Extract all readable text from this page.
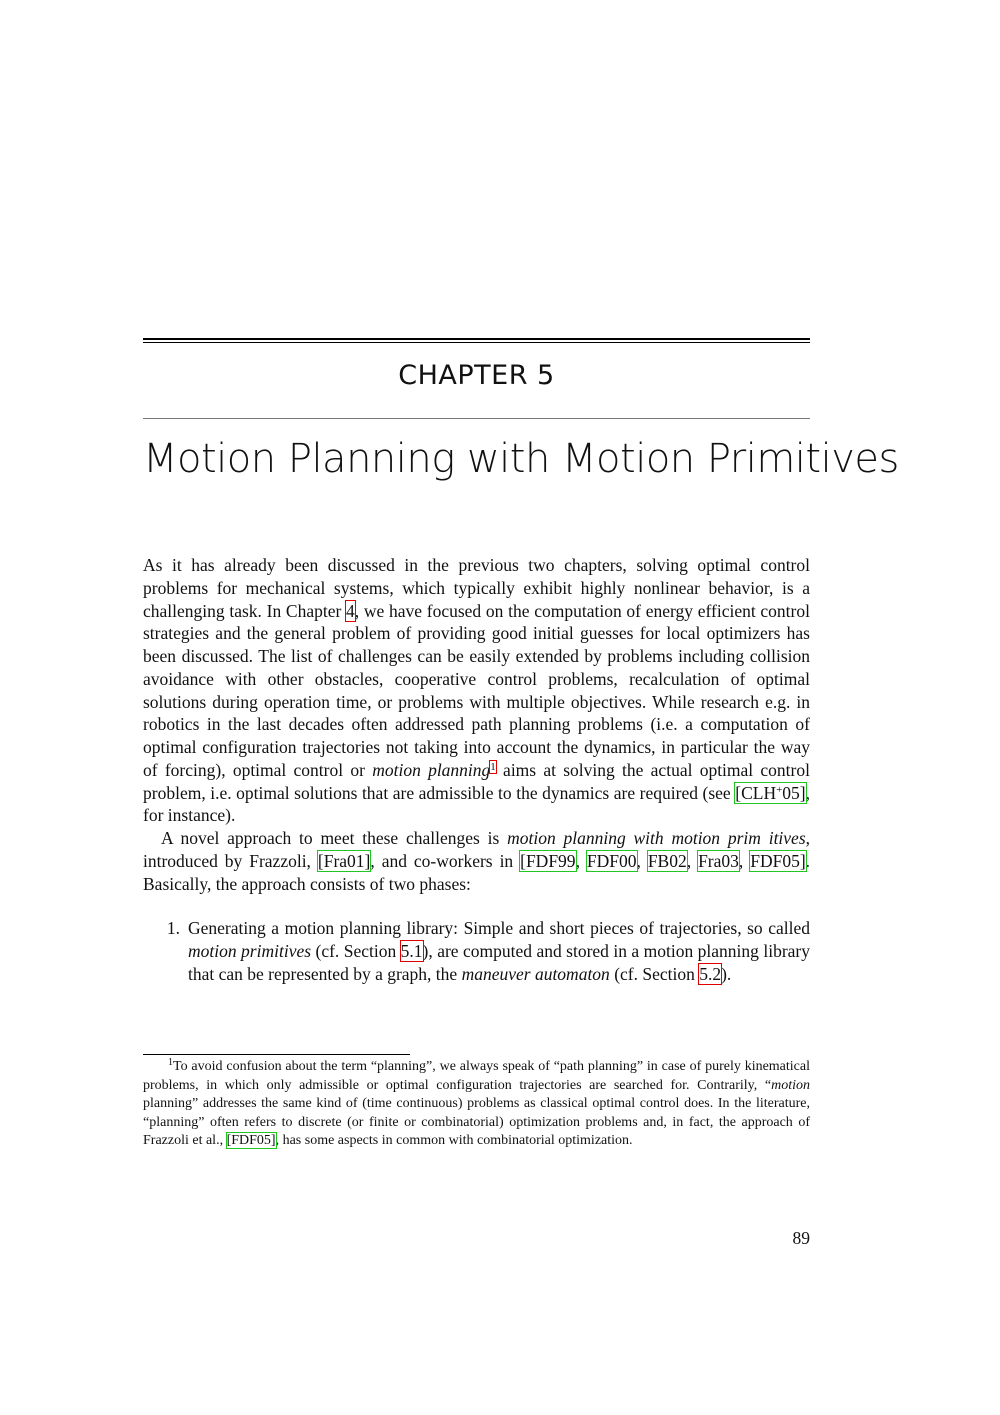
CHAPTER 5
Motion Planning with Motion Primitives

As it has already been discussed in the previous two chapters, solving optimal control problems for mechanical systems, which typically exhibit highly nonlinear behavior, is a challenging task. In Chapter 4, we have focused on the computation of energy efficient control strategies and the general problem of providing good initial guesses for local optimizers has been discussed. The list of challenges can be easily extended by problems including collision avoidance with other obstacles, cooperative control problems, recalculation of optimal solutions during operation time, or problems with multiple objectives. While research e.g. in robotics in the last decades often addressed path planning problems (i.e. a computation of optimal configuration trajectories not taking into account the dynamics, in particular the way of forcing), optimal control or motion planning$^1$ aims at solving the actual optimal control problem, i.e. optimal solutions that are admissible to the dynamics are required (see [CLH+05], for instance).

A novel approach to meet these challenges is motion planning with motion prim itives, introduced by Frazzoli, [Fra01], and co-workers in [FDF99, FDF00, FB02, Fra03, FDF05]. Basically, the approach consists of two phases:

1. Generating a motion planning library: Simple and short pieces of trajectories, so called motion primitives (cf. Section 5.1), are computed and stored in a motion planning library that can be represented by a graph, the maneuver automaton (cf. Section 5.2).

$^1$To avoid confusion about the term “planning”, we always speak of “path planning” in case of purely kinematical problems, in which only admissible or optimal configuration trajectories are searched for. Contrarily, “motion planning” addresses the same kind of (time continuous) problems as classical optimal control does. In the literature, “planning” often refers to discrete (or finite or combinatorial) optimization problems and, in fact, the approach of Frazzoli et al., [FDF05], has some aspects in common with combinatorial optimization.

89
